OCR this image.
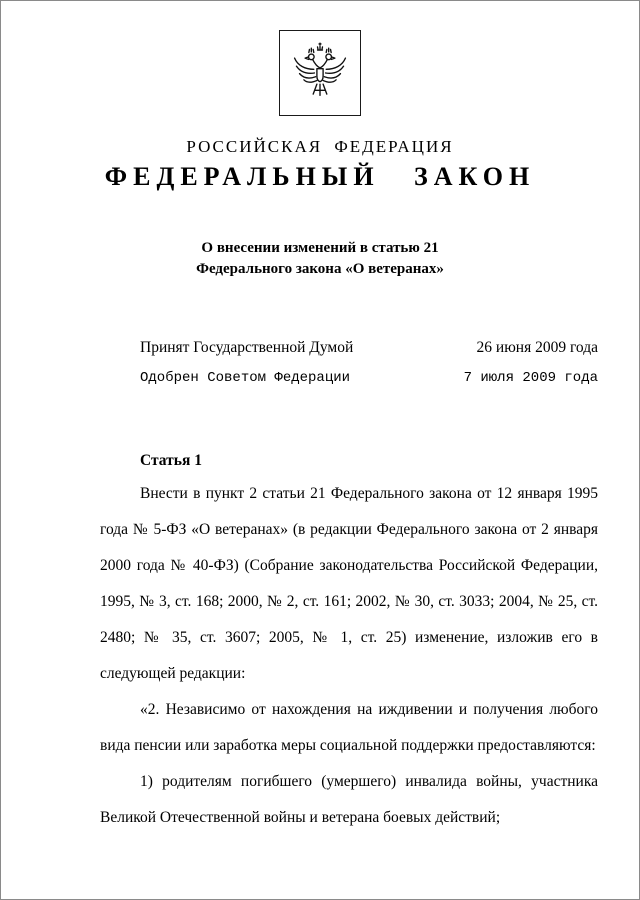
РОССИЙСКАЯ ФЕДЕРАЦИЯ
ФЕДЕРАЛЬНЫЙ ЗАКОН
О внесении изменений в статью 21
Федерального закона «О ветеранах»
Принят Государственной Думой	26 июня 2009 года
Одобрен Советом Федерации	7 июля 2009 года
Статья 1

Внести в пункт 2 статьи 21 Федерального закона от 12 января 1995 года № 5-ФЗ «О ветеранах» (в редакции Федерального закона от 2 января 2000 года № 40-ФЗ) (Собрание законодательства Российской Федерации, 1995, № 3, ст. 168; 2000, № 2, ст. 161; 2002, № 30, ст. 3033; 2004, № 25, ст. 2480; № 35, ст. 3607; 2005, № 1, ст. 25) изменение, изложив его в следующей редакции:

«2. Независимо от нахождения на иждивении и получения любого вида пенсии или заработка меры социальной поддержки предоставляются:

1) родителям погибшего (умершего) инвалида войны, участника Великой Отечественной войны и ветерана боевых действий;
